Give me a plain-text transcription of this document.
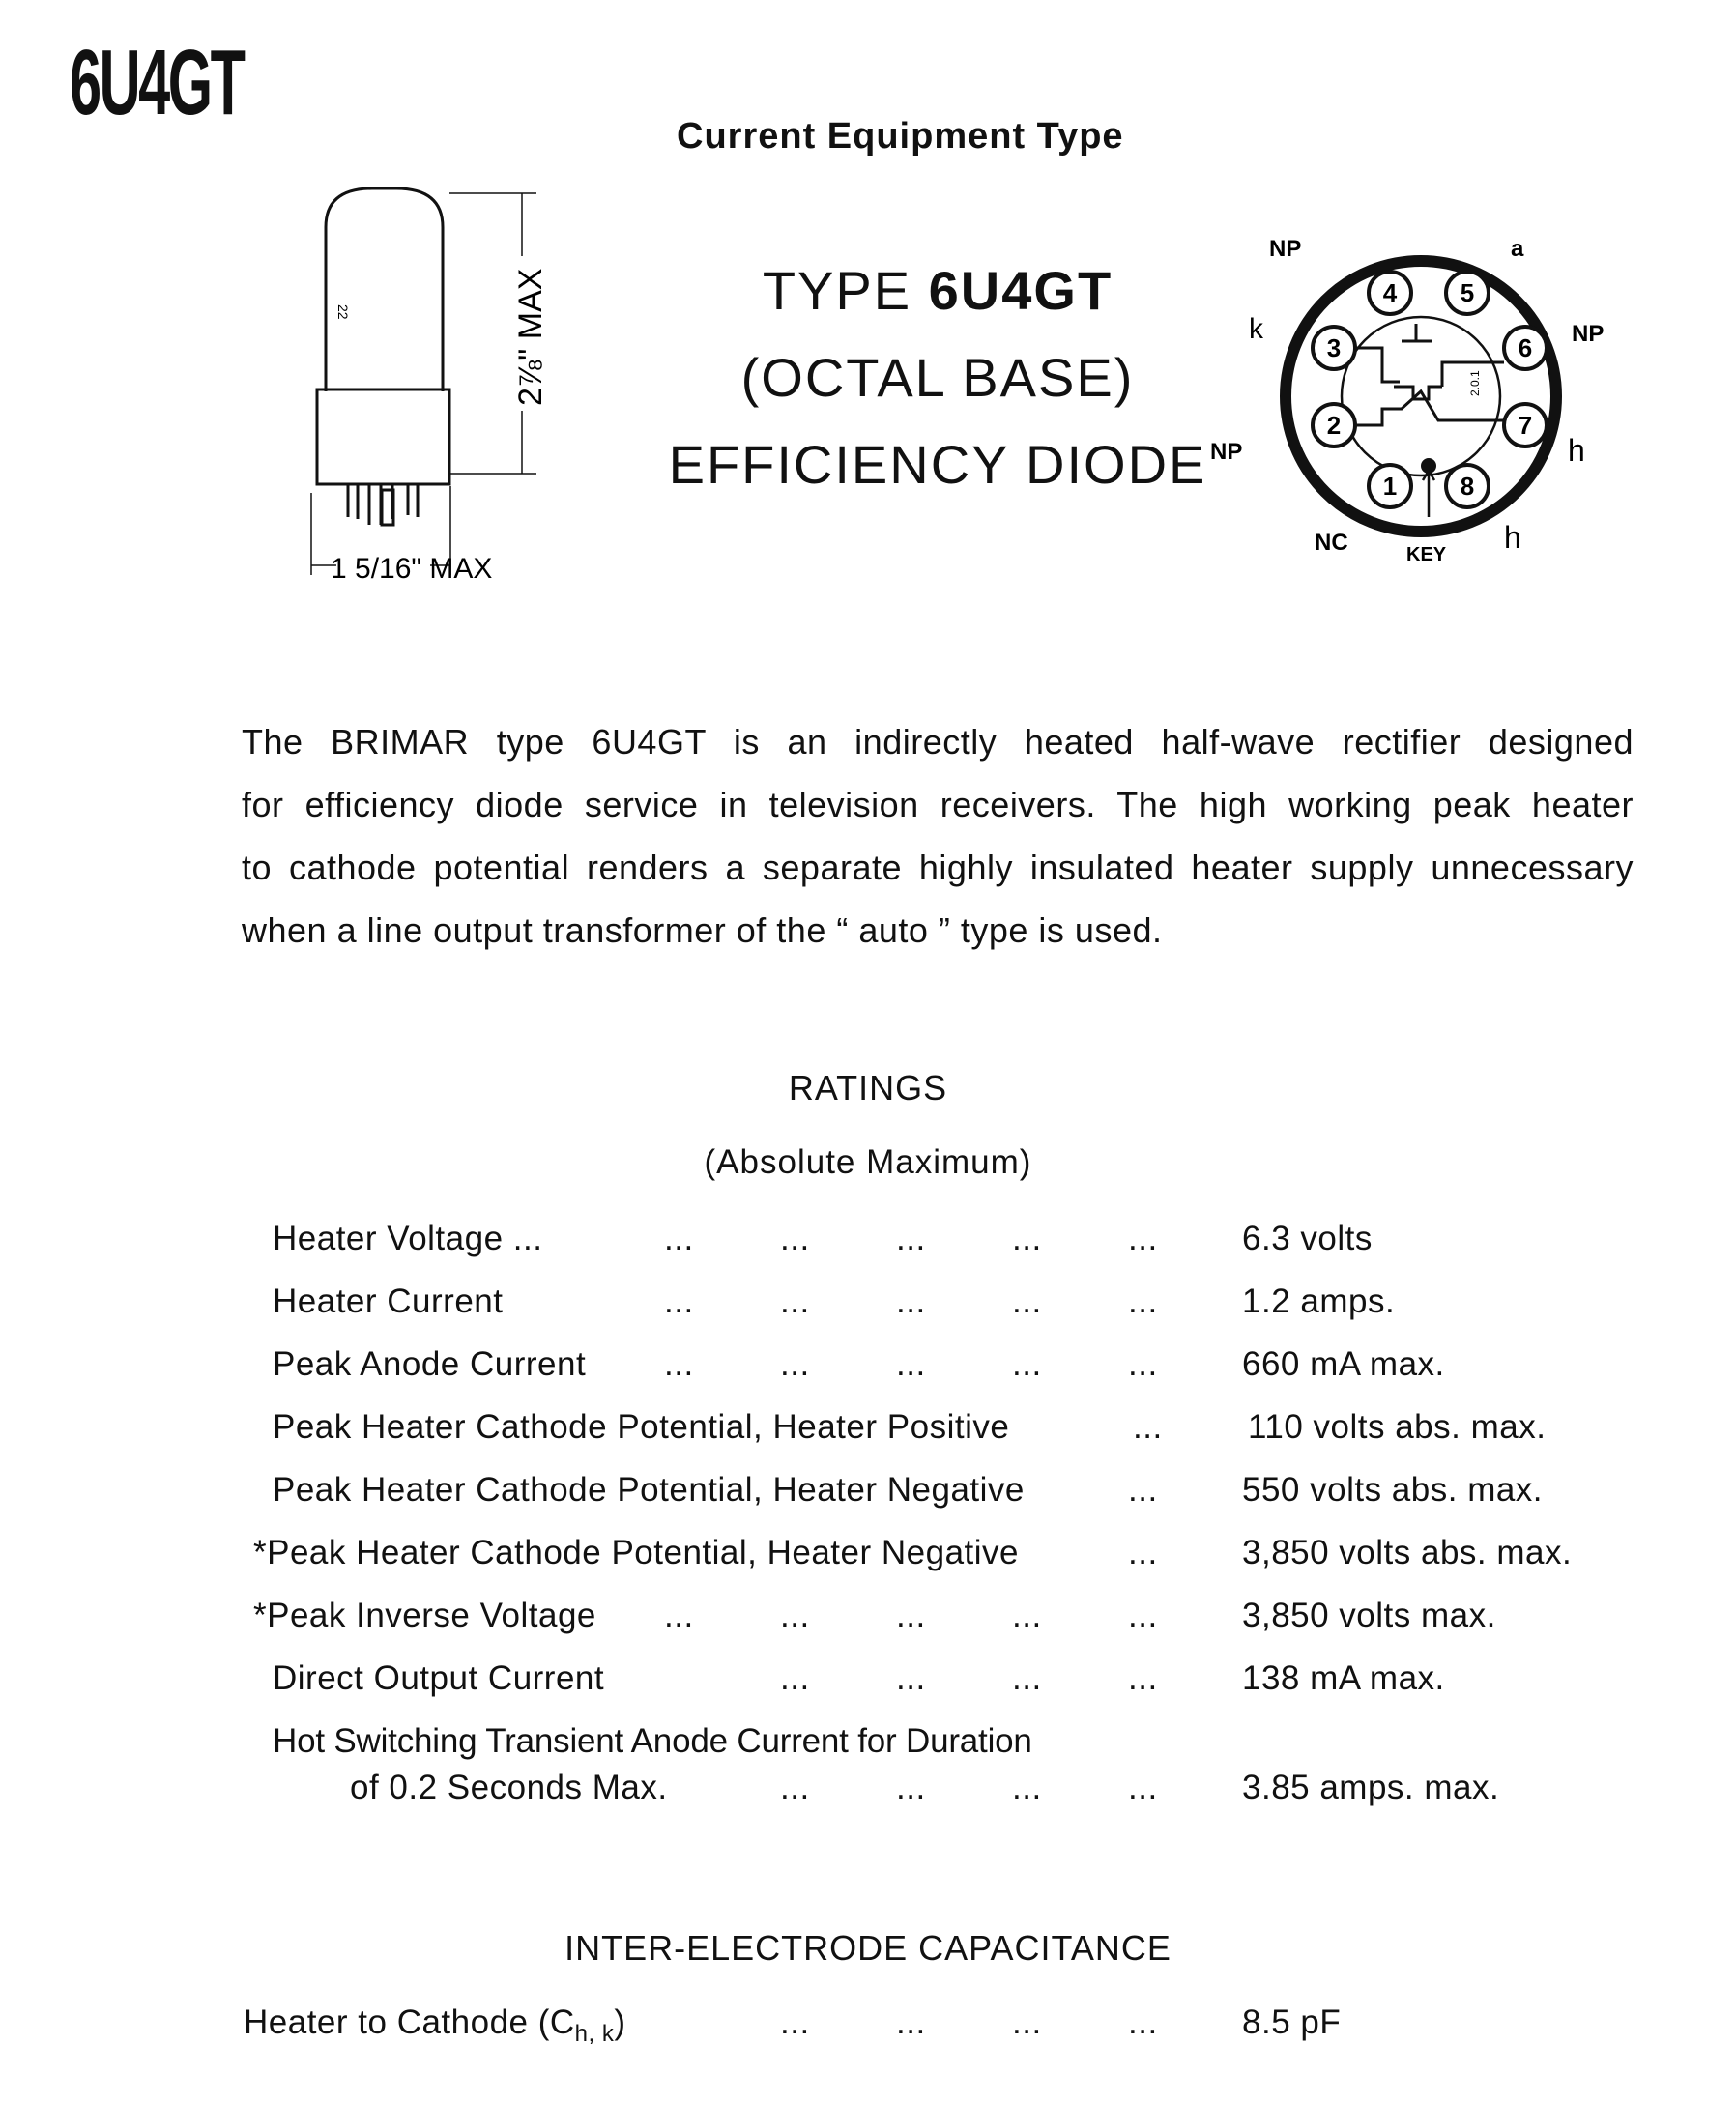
6U4GT
Current Equipment Type
TYPE 6U4GT
(OCTAL BASE)
EFFICIENCY DIODE
22	2⅞" MAX
1 5/16" MAX
1
2
3
4	5
6
7
8
2.0.1
NP	a
NP
NP
NC	KEY
k
h
h
The BRIMAR type 6U4GT is an indirectly heated half-wave rectifier designed
for efficiency diode service in television receivers. The high working peak heater
to cathode potential renders a separate highly insulated heater supply unnecessary
when a line output transformer of the “ auto ” type is used.
RATINGS
(Absolute Maximum)
Heater Voltage ...	...	...	...	...	... 6.3 volts
Heater Current	...	...	...	...	... 1.2 amps.
Peak Anode Current ...	...	...	...	... 660 mA max.
Peak Heater Cathode Potential, Heater Positive	...	110 volts abs. max.
Peak Heater Cathode Potential, Heater Negative	... 550 volts abs. max.
*Peak Heater Cathode Potential, Heater Negative	... 3,850 volts abs. max.
*Peak Inverse Voltage ...	...	...	...	... 3,850 volts max.
Direct Output Current	...	...	...	... 138 mA max.
Hot Switching Transient Anode Current for Duration
of 0.2 Seconds Max.	...	...	...	... 3.85 amps. max.
INTER-ELECTRODE CAPACITANCE
Heater to Cathode $(C_{h, k})$	...	...	...	... 8.5 pF
